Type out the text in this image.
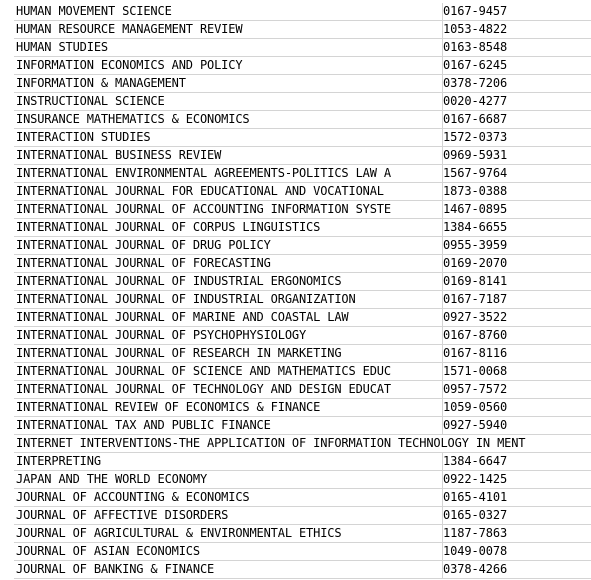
HUMAN MOVEMENT SCIENCE	0167-9457
HUMAN RESOURCE MANAGEMENT REVIEW	1053-4822
HUMAN STUDIES	0163-8548
INFORMATION ECONOMICS AND POLICY	0167-6245
INFORMATION & MANAGEMENT	0378-7206
INSTRUCTIONAL SCIENCE	0020-4277
INSURANCE MATHEMATICS & ECONOMICS	0167-6687
INTERACTION STUDIES	1572-0373
INTERNATIONAL BUSINESS REVIEW	0969-5931
INTERNATIONAL ENVIRONMENTAL AGREEMENTS-POLITICS LAW A	1567-9764
INTERNATIONAL JOURNAL FOR EDUCATIONAL AND VOCATIONAL	1873-0388
INTERNATIONAL JOURNAL OF ACCOUNTING INFORMATION SYSTE	1467-0895
INTERNATIONAL JOURNAL OF CORPUS LINGUISTICS	1384-6655
INTERNATIONAL JOURNAL OF DRUG POLICY	0955-3959
INTERNATIONAL JOURNAL OF FORECASTING	0169-2070
INTERNATIONAL JOURNAL OF INDUSTRIAL ERGONOMICS	0169-8141
INTERNATIONAL JOURNAL OF INDUSTRIAL ORGANIZATION	0167-7187
INTERNATIONAL JOURNAL OF MARINE AND COASTAL LAW	0927-3522
INTERNATIONAL JOURNAL OF PSYCHOPHYSIOLOGY	0167-8760
INTERNATIONAL JOURNAL OF RESEARCH IN MARKETING	0167-8116
INTERNATIONAL JOURNAL OF SCIENCE AND MATHEMATICS EDUC	1571-0068
INTERNATIONAL JOURNAL OF TECHNOLOGY AND DESIGN EDUCAT	0957-7572
INTERNATIONAL REVIEW OF ECONOMICS & FINANCE	1059-0560
INTERNATIONAL TAX AND PUBLIC FINANCE	0927-5940
INTERNET INTERVENTIONS-THE APPLICATION OF INFORMATION TECHNOLOGY IN MENT
INTERPRETING	1384-6647
JAPAN AND THE WORLD ECONOMY	0922-1425
JOURNAL OF ACCOUNTING & ECONOMICS	0165-4101
JOURNAL OF AFFECTIVE DISORDERS	0165-0327
JOURNAL OF AGRICULTURAL & ENVIRONMENTAL ETHICS	1187-7863
JOURNAL OF ASIAN ECONOMICS	1049-0078
JOURNAL OF BANKING & FINANCE	0378-4266
